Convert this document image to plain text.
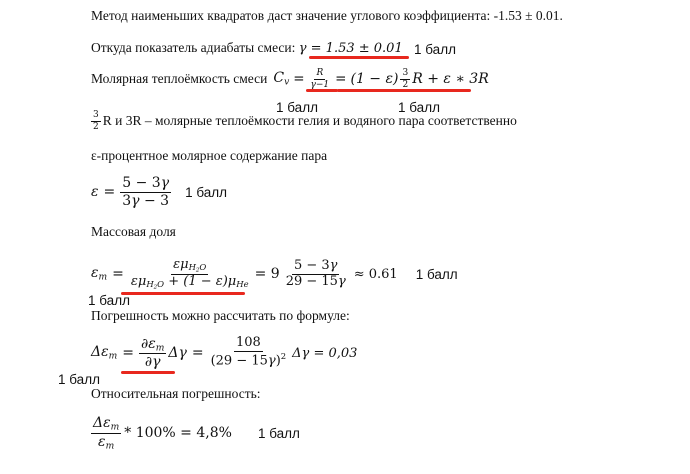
Метод наименьших квадратов даст значение углового коэффициента: -1.53 ± 0.01.
Откуда показатель адиабаты смеси: γ = 1.53 ± 0.01 1 балл
Молярная теплоёмкость смеси $C_v = \frac{R}{\gamma-1} = (1 - \varepsilon) \frac{3}{2}$ R + ε ∗ 3R
1 балл	1 балл
$\frac{3}{2}$ R и 3R – молярные теплоёмкости гелия и водяного пара соответственно
ε-процентное молярное содержание пара
$\varepsilon = \frac{5 - 3\gamma}{3\gamma - 3} 1$ балл
Массовая доля
$\varepsilon_m = \frac{\varepsilon\mu_{H_2O}}{\varepsilon\mu_{H_2O} + (1 - \varepsilon)\mu_{He}} = 9 \frac{5 - 3\gamma}{29 - 15\gamma} \approx 0.61$ 1 балл
1 балл
Погрешность можно рассчитать по формуле:
$\Delta\varepsilon_m = \frac{\partial\varepsilon_m}{\partial\gamma}$ $\Delta\gamma = \frac{108}{(29 - 15\gamma)^2}$ Δγ = 0,03
1 балл
Относительная погрешность:
$\frac{\Delta\varepsilon_m}{\varepsilon_m} * 100\% = 4,8\%$ 1 балл
